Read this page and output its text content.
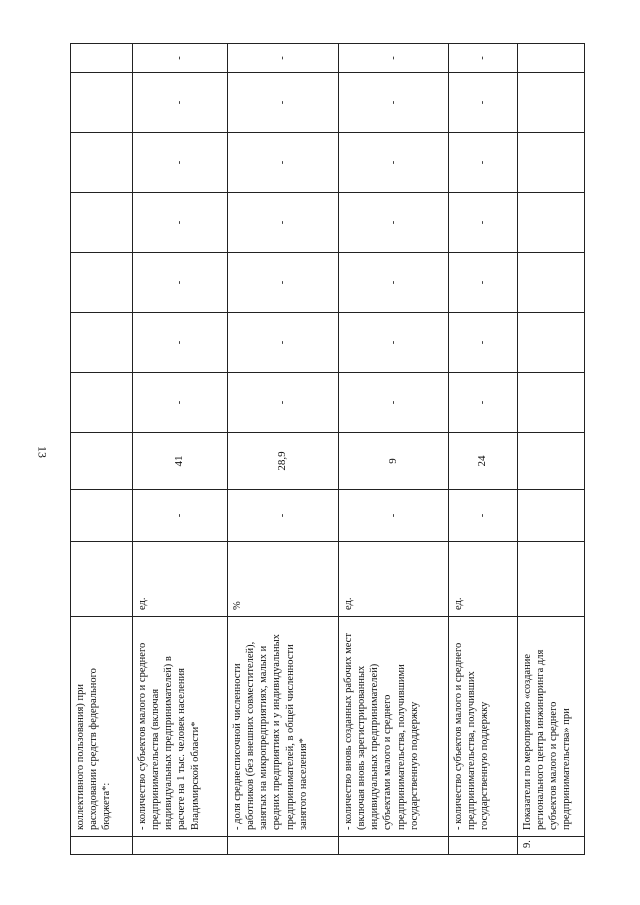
13
	коллективного пользования) при расходовании средств федерального бюджета*:										
	- количество субъектов малого и среднего предпринимательства (включая индивидуальных предпринимателей) в расчете на 1 тыс. человек населения Владимирской области*	ед.	-	41	-	-	-	-	-	-	-
	- доля среднесписочной численности работников (без внешних совместителей), занятых на микропредприятиях, малых и средних предприятиях и у индивидуальных предпринимателей, в общей численности занятого населения*	%	-	28,9	-	-	-	-	-	-	-
	- количество вновь созданных рабочих мест (включая вновь зарегистрированных индивидуальных предпринимателей) субъектами малого и среднего предпринимательства, получившими государственную поддержку	ед.	-	9	-	-	-	-	-	-	-
	- количество субъектов малого и среднего предпринимательства, получивших государственную поддержку	ед.	-	24	-	-	-	-	-	-	-
9.	Показатели по мероприятию «создание регионального центра инжиниринга для субъектов малого и среднего предпринимательства» при										
